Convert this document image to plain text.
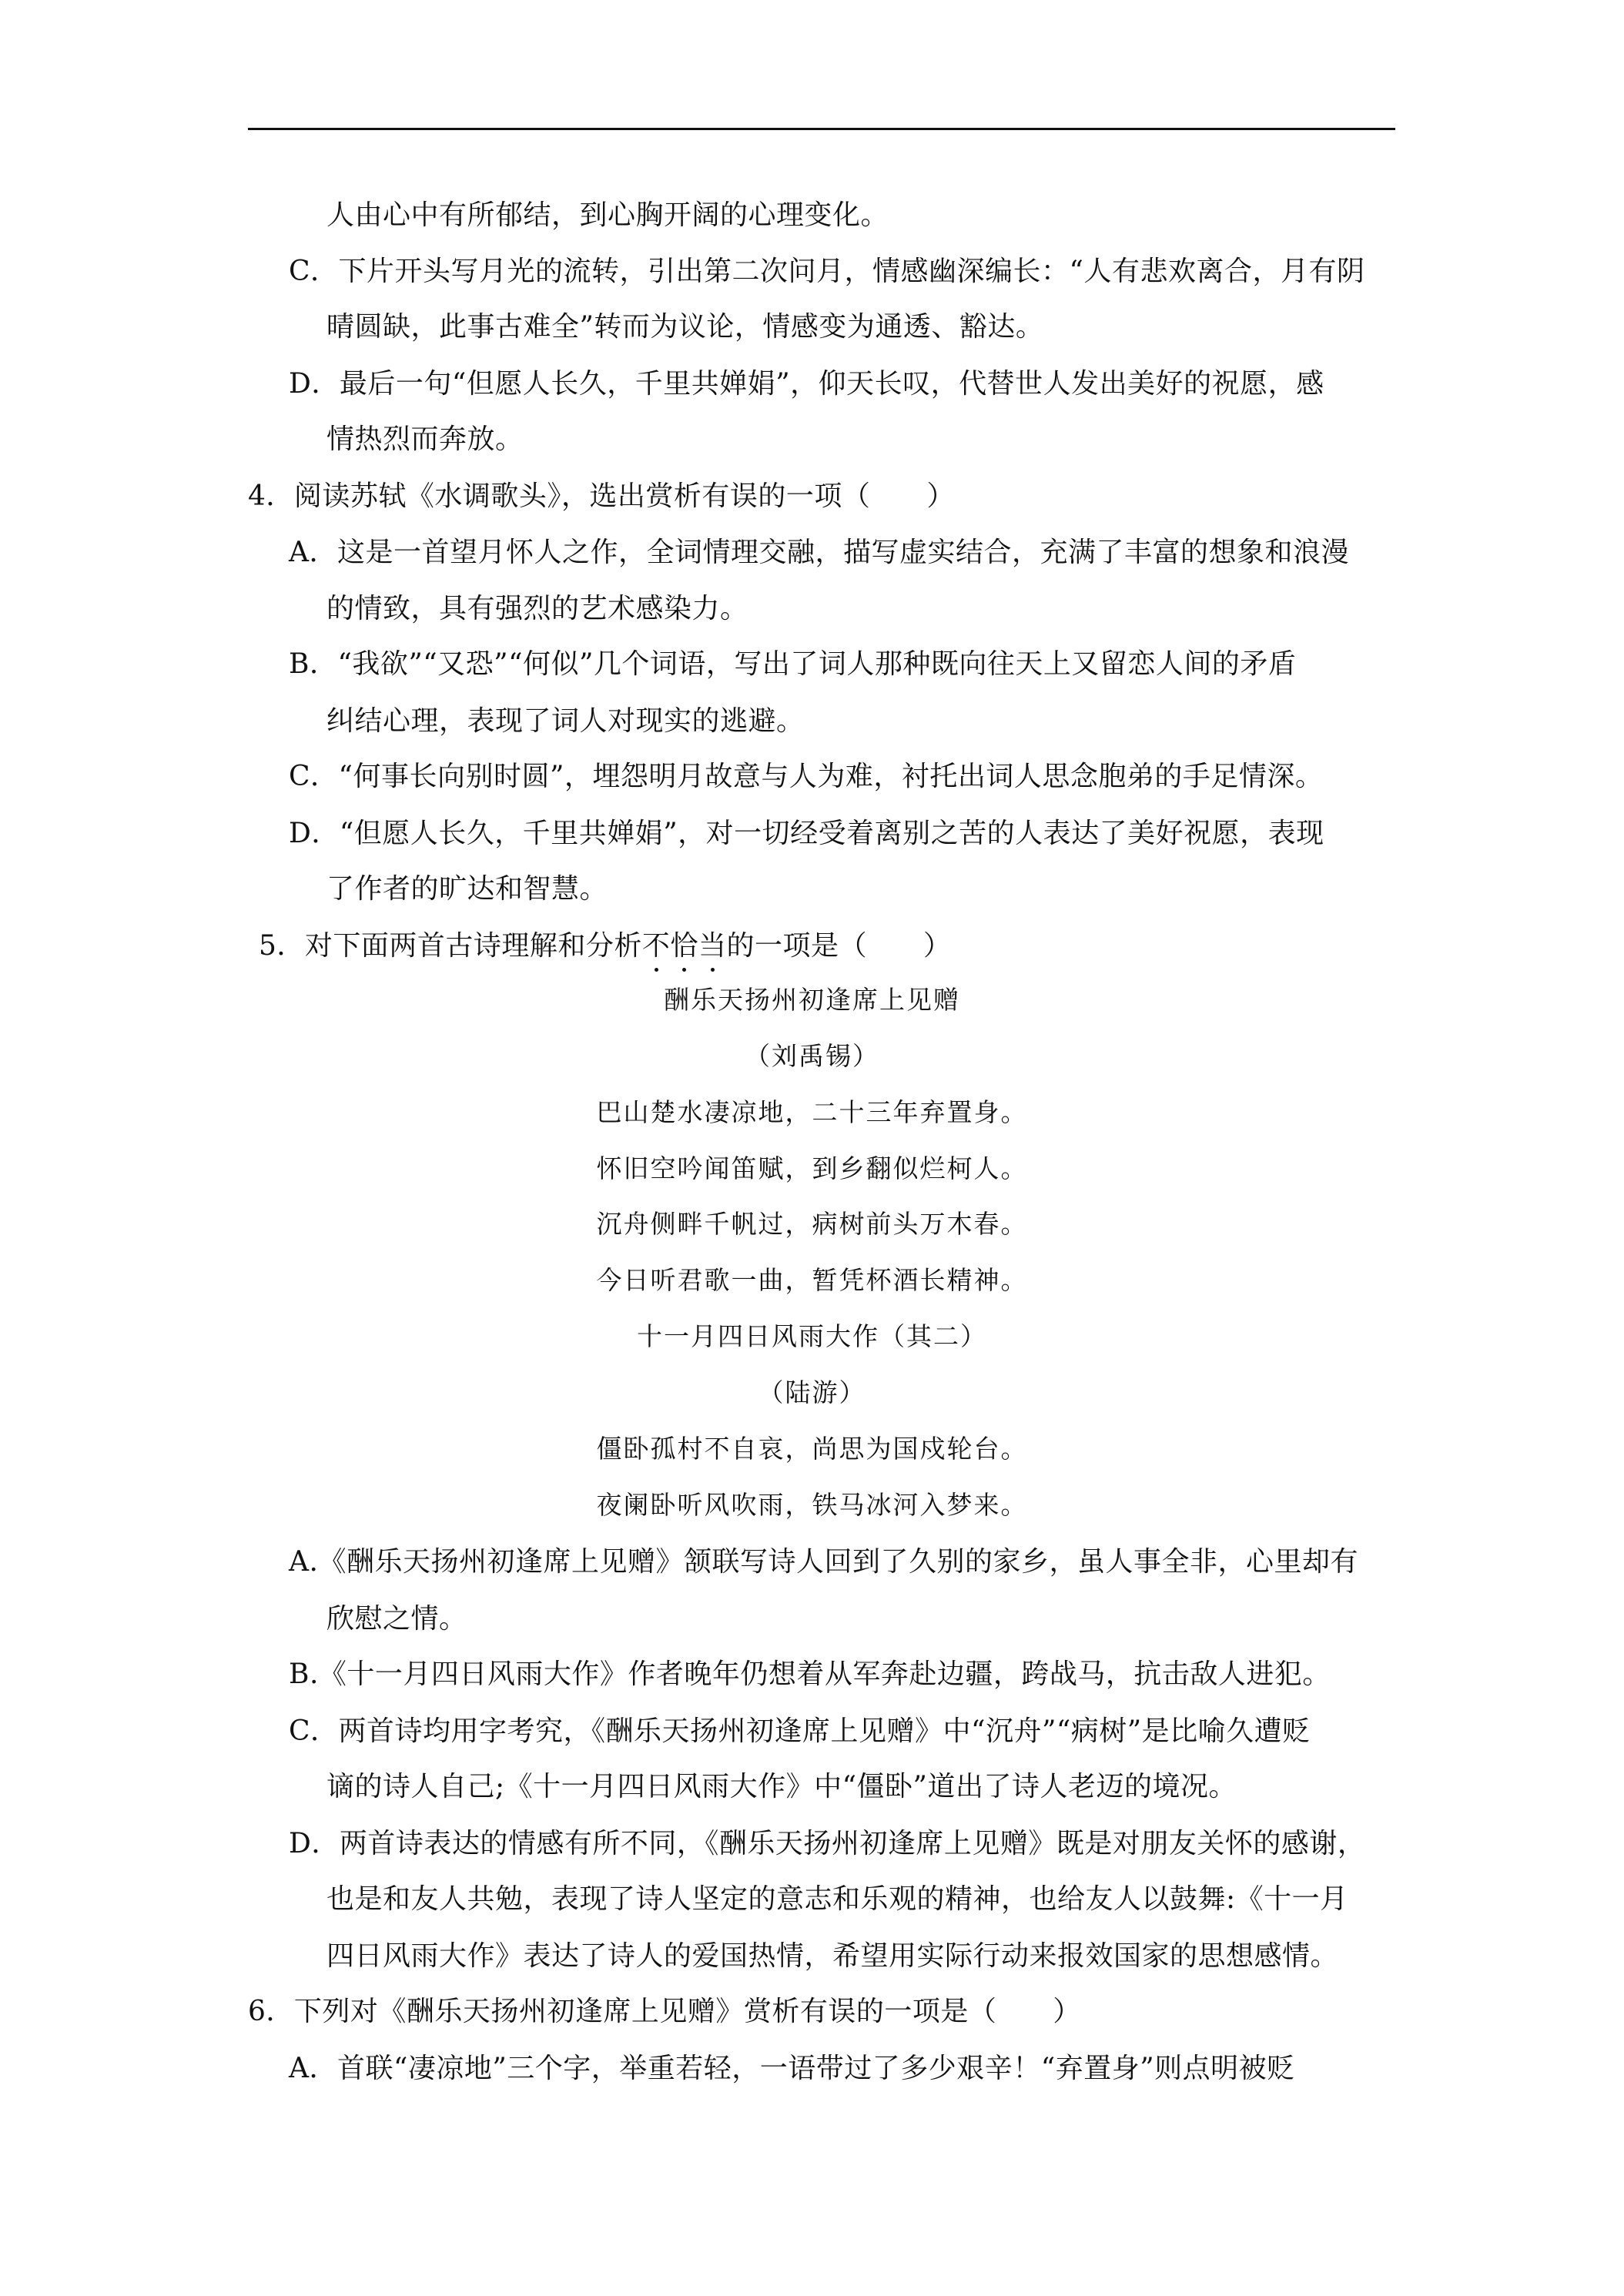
人由心中有所郁结，到心胸开阔的心理变化。
C．下片开头写月光的流转，引出第二次问月，情感幽深编长：“人有悲欢离合，月有阴
晴圆缺，此事古难全”转而为议论，情感变为通透、豁达。
D．最后一句“但愿人长久，千里共婵娟”，仰天长叹，代替世人发出美好的祝愿，感
情热烈而奔放。
4．阅读苏轼《水调歌头》，选出赏析有误的一项（　　）
A．这是一首望月怀人之作，全词情理交融，描写虚实结合，充满了丰富的想象和浪漫
的情致，具有强烈的艺术感染力。
B．“我欲”“又恐”“何似”几个词语，写出了词人那种既向往天上又留恋人间的矛盾
纠结心理，表现了词人对现实的逃避。
C．“何事长向别时圆”，埋怨明月故意与人为难，衬托出词人思念胞弟的手足情深。
D．“但愿人长久，千里共婵娟”，对一切经受着离别之苦的人表达了美好祝愿，表现
了作者的旷达和智慧。
5．对下面两首古诗理解和分析不恰当的一项是（　　）
酬乐天扬州初逢席上见赠
（刘禹锡）
巴山楚水凄凉地，二十三年弃置身。
怀旧空吟闻笛赋，到乡翻似烂柯人。
沉舟侧畔千帆过，病树前头万木春。
今日听君歌一曲，暂凭杯酒长精神。
十一月四日风雨大作（其二）
（陆游）
僵卧孤村不自哀，尚思为国戍轮台。
夜阑卧听风吹雨，铁马冰河入梦来。
A.《酬乐天扬州初逢席上见赠》颔联写诗人回到了久别的家乡，虽人事全非，心里却有
欣慰之情。
B.《十一月四日风雨大作》作者晚年仍想着从军奔赴边疆，跨战马，抗击敌人进犯。
C．两首诗均用字考究，《酬乐天扬州初逢席上见赠》中“沉舟”“病树”是比喻久遭贬
谪的诗人自己;《十一月四日风雨大作》中“僵卧”道出了诗人老迈的境况。
D．两首诗表达的情感有所不同，《酬乐天扬州初逢席上见赠》既是对朋友关怀的感谢，
也是和友人共勉，表现了诗人坚定的意志和乐观的精神，也给友人以鼓舞:《十一月
四日风雨大作》表达了诗人的爱国热情，希望用实际行动来报效国家的思想感情。
6．下列对《酬乐天扬州初逢席上见赠》赏析有误的一项是（　　）
A．首联“凄凉地”三个字，举重若轻，一语带过了多少艰辛！“弃置身”则点明被贬
